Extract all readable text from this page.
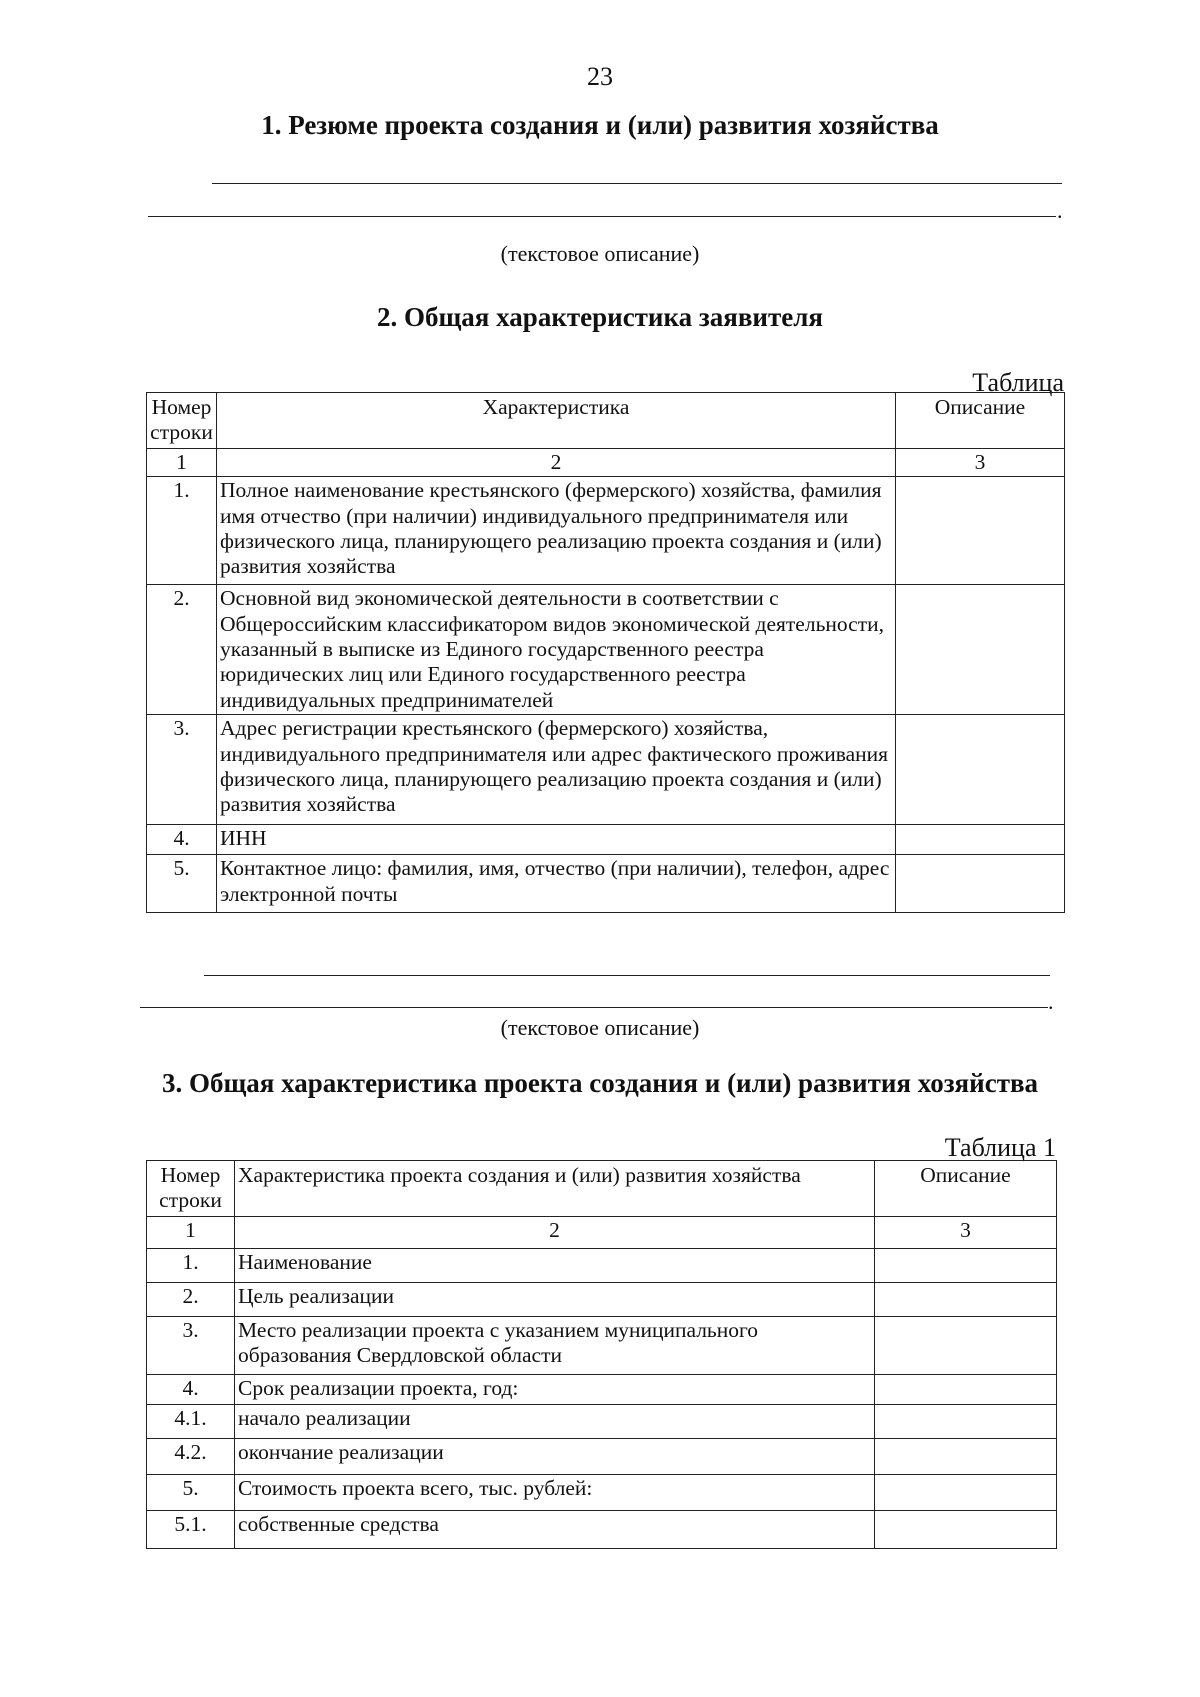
23
1. Резюме проекта создания и (или) развития хозяйства
.
(текстовое описание)
2. Общая характеристика заявителя
Таблица
Номер строки	Характеристика	Описание
1	2	3
1.	Полное наименование крестьянского (фермерского) хозяйства, фамилия имя отчество (при наличии) индивидуального предпринимателя или физического лица, планирующего реализацию проекта создания и (или) развития хозяйства	
2.	Основной вид экономической деятельности в соответствии с Общероссийским классификатором видов экономической деятельности, указанный в выписке из Единого государственного реестра юридических лиц или Единого государственного реестра индивидуальных предпринимателей	
3.	Адрес регистрации крестьянского (фермерского) хозяйства, индивидуального предпринимателя или адрес фактического проживания физического лица, планирующего реализацию проекта создания и (или) развития хозяйства	
4.	ИНН	
5.	Контактное лицо: фамилия, имя, отчество (при наличии), телефон, адрес электронной почты	
.
(текстовое описание)
3. Общая характеристика проекта создания и (или) развития хозяйства
Таблица 1
Номер строки	Характеристика проекта создания и (или) развития хозяйства	Описание
1	2	3
1.	Наименование	
2.	Цель реализации	
3.	Место реализации проекта с указанием муниципального образования Свердловской области	
4.	Срок реализации проекта, год:	
4.1.	начало реализации	
4.2.	окончание реализации	
5.	Стоимость проекта всего, тыс. рублей:	
5.1.	собственные средства	
